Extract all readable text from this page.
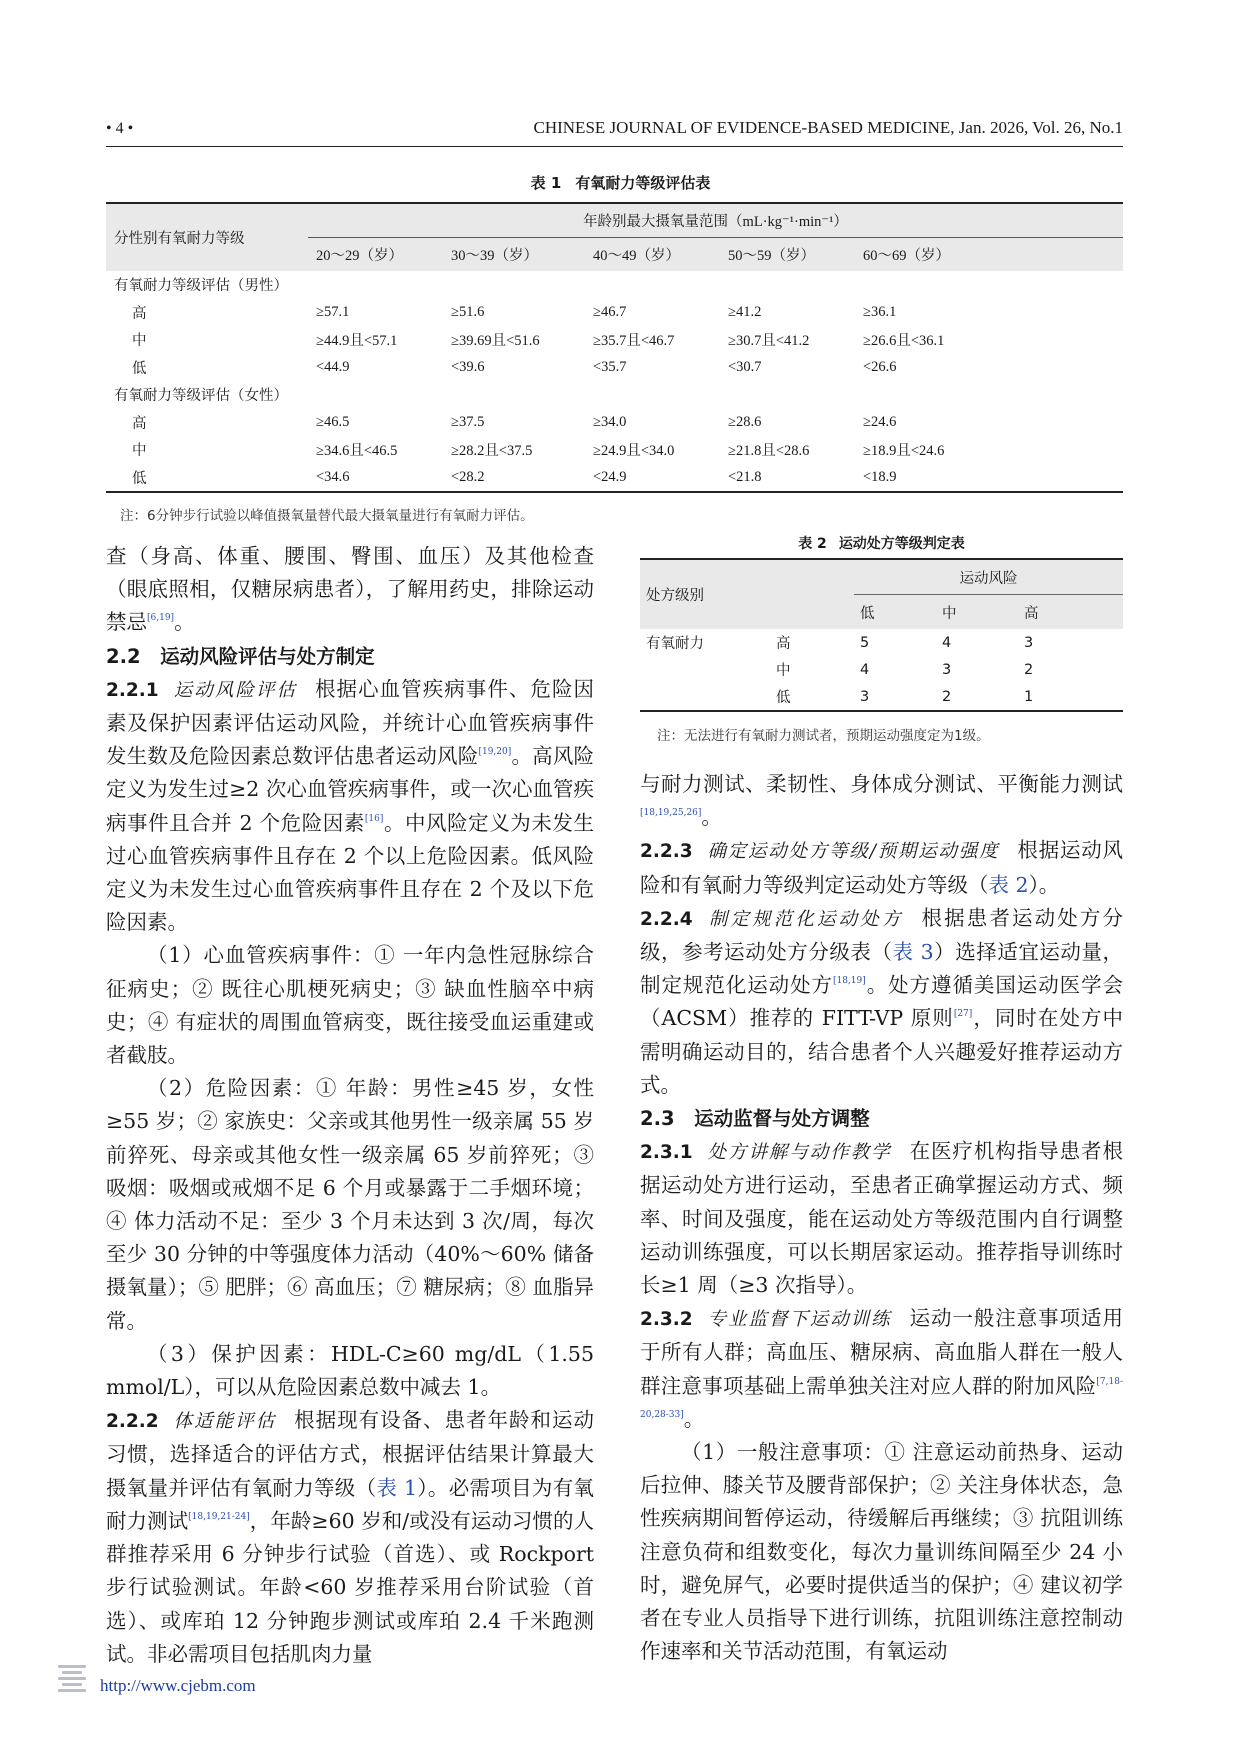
• 4 •	CHINESE JOURNAL OF EVIDENCE-BASED MEDICINE, Jan. 2026, Vol. 26, No.1
表 1 有氧耐力等级评估表
分性别有氧耐力等级	年龄别最大摄氧量范围（mL·kg⁻¹·min⁻¹）				
	20～29（岁）	30～39（岁）	40～49（岁）	50～59（岁）	60～69（岁）
有氧耐力等级评估（男性）					
高	≥57.1	≥51.6	≥46.7	≥41.2	≥36.1
中	≥44.9且<57.1	≥39.69且<51.6	≥35.7且<46.7	≥30.7且<41.2	≥26.6且<36.1
低	<44.9	<39.6	<35.7	<30.7	<26.6
有氧耐力等级评估（女性）					
高	≥46.5	≥37.5	≥34.0	≥28.6	≥24.6
中	≥34.6且<46.5	≥28.2且<37.5	≥24.9且<34.0	≥21.8且<28.6	≥18.9且<24.6
低	<34.6	<28.2	<24.9	<21.8	<18.9
注：6分钟步行试验以峰值摄氧量替代最大摄氧量进行有氧耐力评估。
表 2 运动处方等级判定表
处方级别		运动风险		
		低	中	高
有氧耐力	高	5	4	3
	中	4	3	2
	低	3	2	1
注：无法进行有氧耐力测试者，预期运动强度定为1级。

查（身高、体重、腰围、臀围、血压）及其他检查（眼底照相，仅糖尿病患者），了解用药史，排除运动禁忌[6,19]。

2.2 运动风险评估与处方制定

2.2.1 运动风险评估 根据心血管疾病事件、危险因素及保护因素评估运动风险，并统计心血管疾病事件发生数及危险因素总数评估患者运动风险[19,20]。高风险定义为发生过≥2 次心血管疾病事件，或一次心血管疾病事件且合并 2 个危险因素[16]。中风险定义为未发生过心血管疾病事件且存在 2 个以上危险因素。低风险定义为未发生过心血管疾病事件且存在 2 个及以下危险因素。

（1）心血管疾病事件：① 一年内急性冠脉综合征病史；② 既往心肌梗死病史；③ 缺血性脑卒中病史；④ 有症状的周围血管病变，既往接受血运重建或者截肢。

（2）危险因素：① 年龄：男性≥45 岁，女性≥55 岁；② 家族史：父亲或其他男性一级亲属 55 岁前猝死、母亲或其他女性一级亲属 65 岁前猝死；③ 吸烟：吸烟或戒烟不足 6 个月或暴露于二手烟环境；④ 体力活动不足：至少 3 个月未达到 3 次/周，每次至少 30 分钟的中等强度体力活动（40%～60% 储备摄氧量）；⑤ 肥胖；⑥ 高血压；⑦ 糖尿病；⑧ 血脂异常。

（3）保护因素：HDL-C≥60 mg/dL（1.55 mmol/L），可以从危险因素总数中减去 1。

2.2.2 体适能评估 根据现有设备、患者年龄和运动习惯，选择适合的评估方式，根据评估结果计算最大摄氧量并评估有氧耐力等级（表 1）。必需项目为有氧耐力测试[18,19,21-24]，年龄≥60 岁和/或没有运动习惯的人群推荐采用 6 分钟步行试验（首选）、或 Rockport 步行试验测试。年龄<60 岁推荐采用台阶试验（首选）、或库珀 12 分钟跑步测试或库珀 2.4 千米跑测试。非必需项目包括肌肉力量

与耐力测试、柔韧性、身体成分测试、平衡能力测试[18,19,25,26]。

2.2.3 确定运动处方等级/预期运动强度 根据运动风险和有氧耐力等级判定运动处方等级（表 2）。

2.2.4 制定规范化运动处方 根据患者运动处方分级，参考运动处方分级表（表 3）选择适宜运动量，制定规范化运动处方[18,19]。处方遵循美国运动医学会（ACSM）推荐的 FITT-VP 原则[27]，同时在处方中需明确运动目的，结合患者个人兴趣爱好推荐运动方式。

2.3 运动监督与处方调整

2.3.1 处方讲解与动作教学 在医疗机构指导患者根据运动处方进行运动，至患者正确掌握运动方式、频率、时间及强度，能在运动处方等级范围内自行调整运动训练强度，可以长期居家运动。推荐指导训练时长≥1 周（≥3 次指导）。

2.3.2 专业监督下运动训练 运动一般注意事项适用于所有人群；高血压、糖尿病、高血脂人群在一般人群注意事项基础上需单独关注对应人群的附加风险[7,18-20,28-33]。

（1）一般注意事项：① 注意运动前热身、运动后拉伸、膝关节及腰背部保护；② 关注身体状态，急性疾病期间暂停运动，待缓解后再继续；③ 抗阻训练注意负荷和组数变化，每次力量训练间隔至少 24 小时，避免屏气，必要时提供适当的保护；④ 建议初学者在专业人员指导下进行训练，抗阻训练注意控制动作速率和关节活动范围，有氧运动

http://www.cjebm.com
